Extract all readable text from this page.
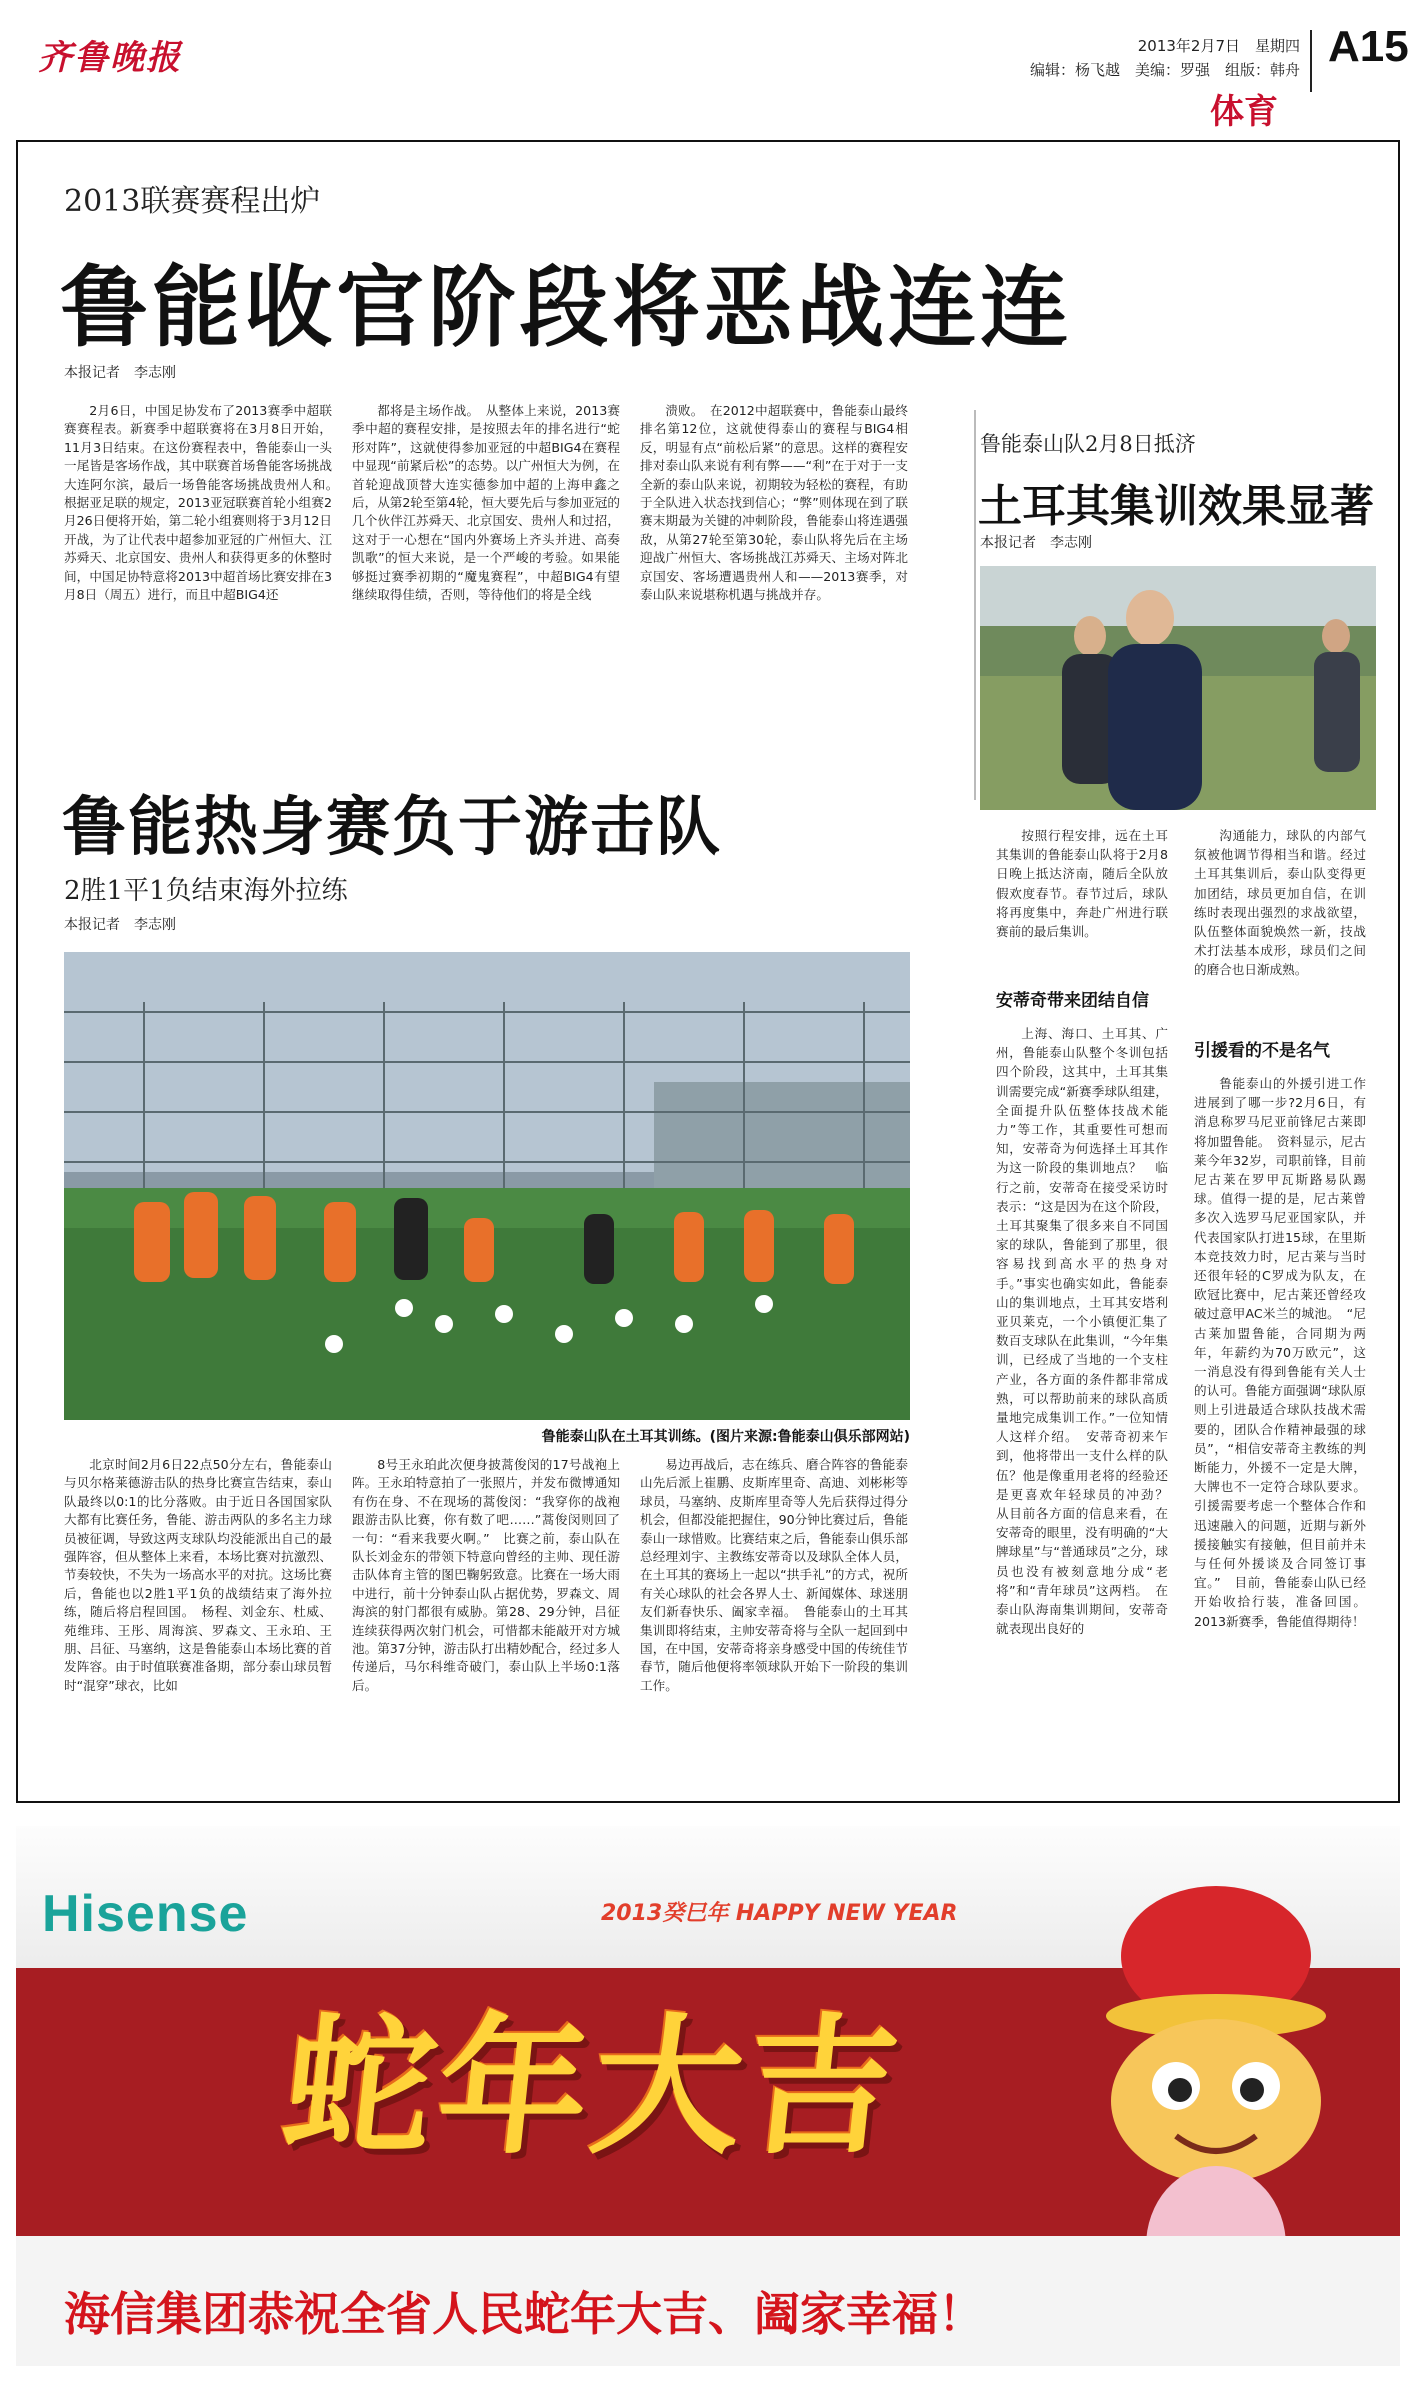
齐鲁晚报	2013年2月7日　星期四
编辑：杨飞越　美编：罗强　组版：韩舟 A15
体育
2013联赛赛程出炉
鲁能收官阶段将恶战连连
本报记者　李志刚
2月6日，中国足协发布了2013赛季中超联赛赛程表。新赛季中超联赛将在3月8日开始，11月3日结束。在这份赛程表中，鲁能泰山一头一尾皆是客场作战，其中联赛首场鲁能客场挑战大连阿尔滨，最后一场鲁能客场挑战贵州人和。　根据亚足联的规定，2013亚冠联赛首轮小组赛2月26日便将开始，第二轮小组赛则将于3月12日开战，为了让代表中超参加亚冠的广州恒大、江苏舜天、北京国安、贵州人和获得更多的休整时间，中国足协特意将2013中超首场比赛安排在3月8日（周五）进行，而且中超BIG4还
都将是主场作战。　从整体上来说，2013赛季中超的赛程安排，是按照去年的排名进行“蛇形对阵”，这就使得参加亚冠的中超BIG4在赛程中显现“前紧后松”的态势。以广州恒大为例，在首轮迎战顶替大连实德参加中超的上海申鑫之后，从第2轮至第4轮，恒大要先后与参加亚冠的几个伙伴江苏舜天、北京国安、贵州人和过招，这对于一心想在“国内外赛场上齐头并进、高奏凯歌”的恒大来说，是一个严峻的考验。如果能够挺过赛季初期的“魔鬼赛程”，中超BIG4有望继续取得佳绩，否则，等待他们的将是全线
溃败。　在2012中超联赛中，鲁能泰山最终排名第12位，这就使得泰山的赛程与BIG4相反，明显有点“前松后紧”的意思。这样的赛程安排对泰山队来说有利有弊——“利”在于对于一支全新的泰山队来说，初期较为轻松的赛程，有助于全队进入状态找到信心；“弊”则体现在到了联赛末期最为关键的冲刺阶段，鲁能泰山将连遇强敌，从第27轮至第30轮，泰山队将先后在主场迎战广州恒大、客场挑战江苏舜天、主场对阵北京国安、客场遭遇贵州人和——2013赛季，对泰山队来说堪称机遇与挑战并存。
鲁能泰山队2月8日抵济
土耳其集训效果显著
本报记者　李志刚
按照行程安排，远在土耳其集训的鲁能泰山队将于2月8日晚上抵达济南，随后全队放假欢度春节。春节过后，球队将再度集中，奔赴广州进行联赛前的最后集训。
安蒂奇带来团结自信
上海、海口、土耳其、广州，鲁能泰山队整个冬训包括四个阶段，这其中，土耳其集训需要完成“新赛季球队组建，全面提升队伍整体技战术能力”等工作，其重要性可想而知，安蒂奇为何选择土耳其作为这一阶段的集训地点？　临行之前，安蒂奇在接受采访时表示：“这是因为在这个阶段，土耳其聚集了很多来自不同国家的球队，鲁能到了那里，很容易找到高水平的热身对手。”事实也确实如此，鲁能泰山的集训地点，土耳其安塔利亚贝莱克，一个小镇便汇集了数百支球队在此集训，“今年集训，已经成了当地的一个支柱产业，各方面的条件都非常成熟，可以帮助前来的球队高质量地完成集训工作。”一位知情人这样介绍。　安蒂奇初来乍到，他将带出一支什么样的队伍？他是像重用老将的经验还是更喜欢年轻球员的冲劲？　从目前各方面的信息来看，在安蒂奇的眼里，没有明确的“大牌球星”与“普通球员”之分，球员也没有被刻意地分成“老将”和“青年球员”这两档。　在泰山队海南集训期间，安蒂奇就表现出良好的
沟通能力，球队的内部气氛被他调节得相当和谐。经过土耳其集训后，泰山队变得更加团结，球员更加自信，在训练时表现出强烈的求战欲望，队伍整体面貌焕然一新，技战术打法基本成形，球员们之间的磨合也日渐成熟。
引援看的不是名气
鲁能泰山的外援引进工作进展到了哪一步?2月6日，有消息称罗马尼亚前锋尼古莱即将加盟鲁能。　资料显示，尼古莱今年32岁，司职前锋，目前尼古莱在罗甲瓦斯路易队踢球。值得一提的是，尼古莱曾多次入选罗马尼亚国家队，并代表国家队打进15球，在里斯本竞技效力时，尼古莱与当时还很年轻的C罗成为队友，在欧冠比赛中，尼古莱还曾经攻破过意甲AC米兰的城池。　“尼古莱加盟鲁能，合同期为两年，年薪约为70万欧元”，这一消息没有得到鲁能有关人士的认可。鲁能方面强调“球队原则上引进最适合球队技战术需要的，团队合作精神最强的球员”，“相信安蒂奇主教练的判断能力，外援不一定是大牌，大牌也不一定符合球队要求。引援需要考虑一个整体合作和迅速融入的问题，近期与新外援接触实有接触，但目前并未与任何外援谈及合同签订事宜。”　目前，鲁能泰山队已经开始收拾行装，准备回国。2013新赛季，鲁能值得期待！
鲁能热身赛负于游击队
2胜1平1负结束海外拉练
本报记者　李志刚
鲁能泰山队在土耳其训练。(图片来源:鲁能泰山俱乐部网站)
北京时间2月6日22点50分左右，鲁能泰山与贝尔格莱德游击队的热身比赛宣告结束，泰山队最终以0:1的比分落败。由于近日各国国家队大都有比赛任务，鲁能、游击两队的多名主力球员被征调，导致这两支球队均没能派出自己的最强阵容，但从整体上来看，本场比赛对抗激烈、节奏较快，不失为一场高水平的对抗。这场比赛后，鲁能也以2胜1平1负的战绩结束了海外拉练，随后将启程回国。　杨程、刘金东、杜威、苑维玮、王彤、周海滨、罗森文、王永珀、王朋、吕征、马塞纳，这是鲁能泰山本场比赛的首发阵容。由于时值联赛准备期，部分泰山球员暂时“混穿”球衣，比如
8号王永珀此次便身披蒿俊闵的17号战袍上阵。王永珀特意拍了一张照片，并发布微博通知有伤在身、不在现场的蒿俊闵：“我穿你的战袍跟游击队比赛，你有数了吧……”蒿俊闵则回了一句：“看来我要火啊。”　比赛之前，泰山队在队长刘金东的带领下特意向曾经的主帅、现任游击队体育主管的图巴鞠躬致意。比赛在一场大雨中进行，前十分钟泰山队占据优势，罗森文、周海滨的射门都很有威胁。第28、29分钟，吕征连续获得两次射门机会，可惜都未能敲开对方城池。第37分钟，游击队打出精妙配合，经过多人传递后，马尔科维奇破门，泰山队上半场0:1落后。
易边再战后，志在练兵、磨合阵容的鲁能泰山先后派上崔鹏、皮斯库里奇、高迪、刘彬彬等球员，马塞纳、皮斯库里奇等人先后获得过得分机会，但都没能把握住，90分钟比赛过后，鲁能泰山一球惜败。比赛结束之后，鲁能泰山俱乐部总经理刘宇、主教练安蒂奇以及球队全体人员，在土耳其的赛场上一起以“拱手礼”的方式，祝所有关心球队的社会各界人士、新闻媒体、球迷朋友们新春快乐、阖家幸福。　鲁能泰山的土耳其集训即将结束，主帅安蒂奇将与全队一起回到中国，在中国，安蒂奇将亲身感受中国的传统佳节春节，随后他便将率领球队开始下一阶段的集训工作。
Hisense	2013癸巳年 HAPPY NEW YEAR
蛇年大吉
海信集团恭祝全省人民蛇年大吉、阖家幸福！
